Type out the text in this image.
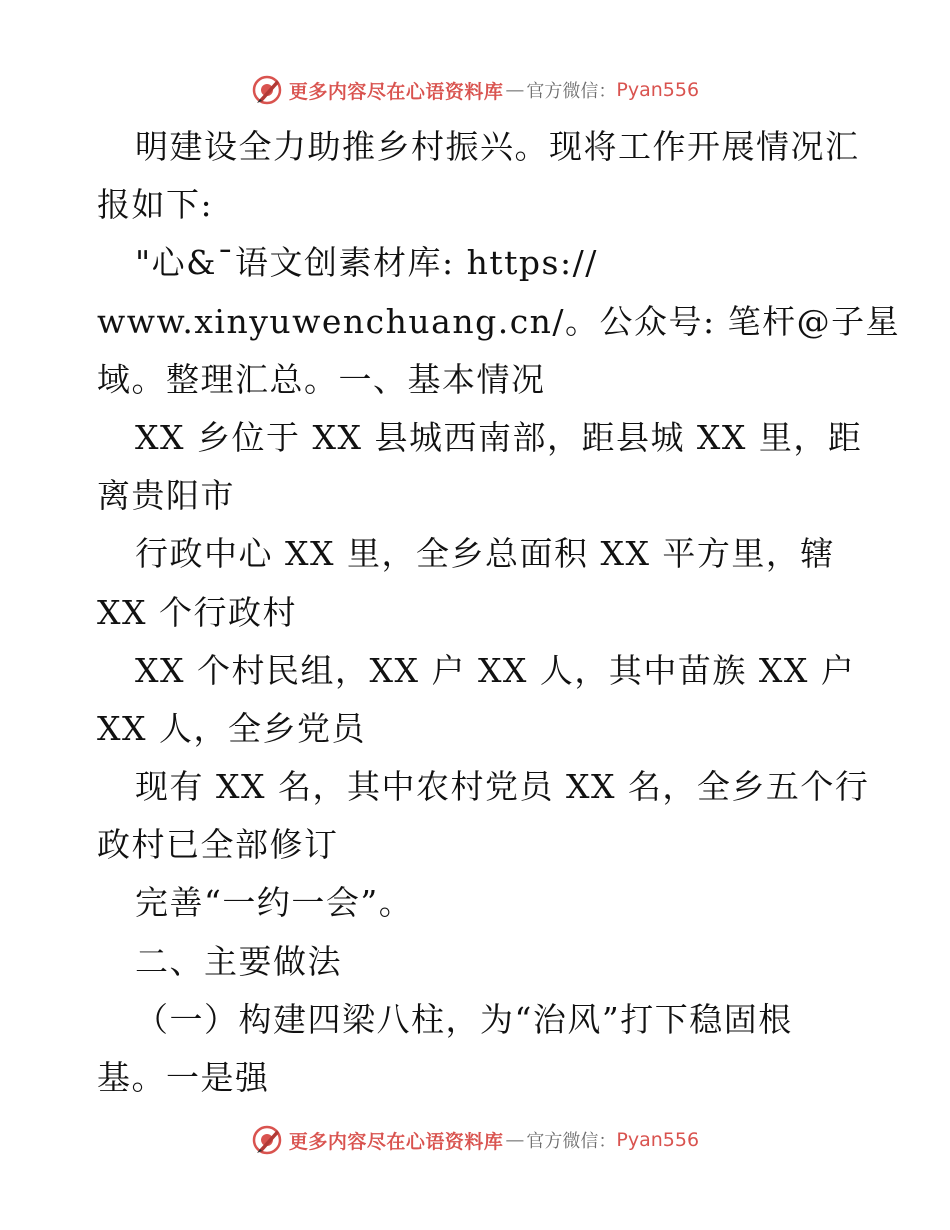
更多内容尽在心语资料库 — 官方微信： Pyan556
明建设全力助推乡村振兴。现将工作开展情况汇
报如下:
"心&¯语文创素材库: https://
www.xinyuwenchuang.cn/。公众号: 笔杆@子星
域。整理汇总。一、基本情况
XX 乡位于 XX 县城西南部，距县城 XX 里，距
离贵阳市
行政中心 XX 里，全乡总面积 XX 平方里，辖
XX 个行政村
XX 个村民组，XX 户 XX 人，其中苗族 XX 户
XX 人，全乡党员
现有 XX 名，其中农村党员 XX 名，全乡五个行
政村已全部修订
完善“一约一会”。
二、主要做法
（一）构建四梁八柱，为“治风”打下稳固根
基。一是强
更多内容尽在心语资料库 — 官方微信： Pyan556
